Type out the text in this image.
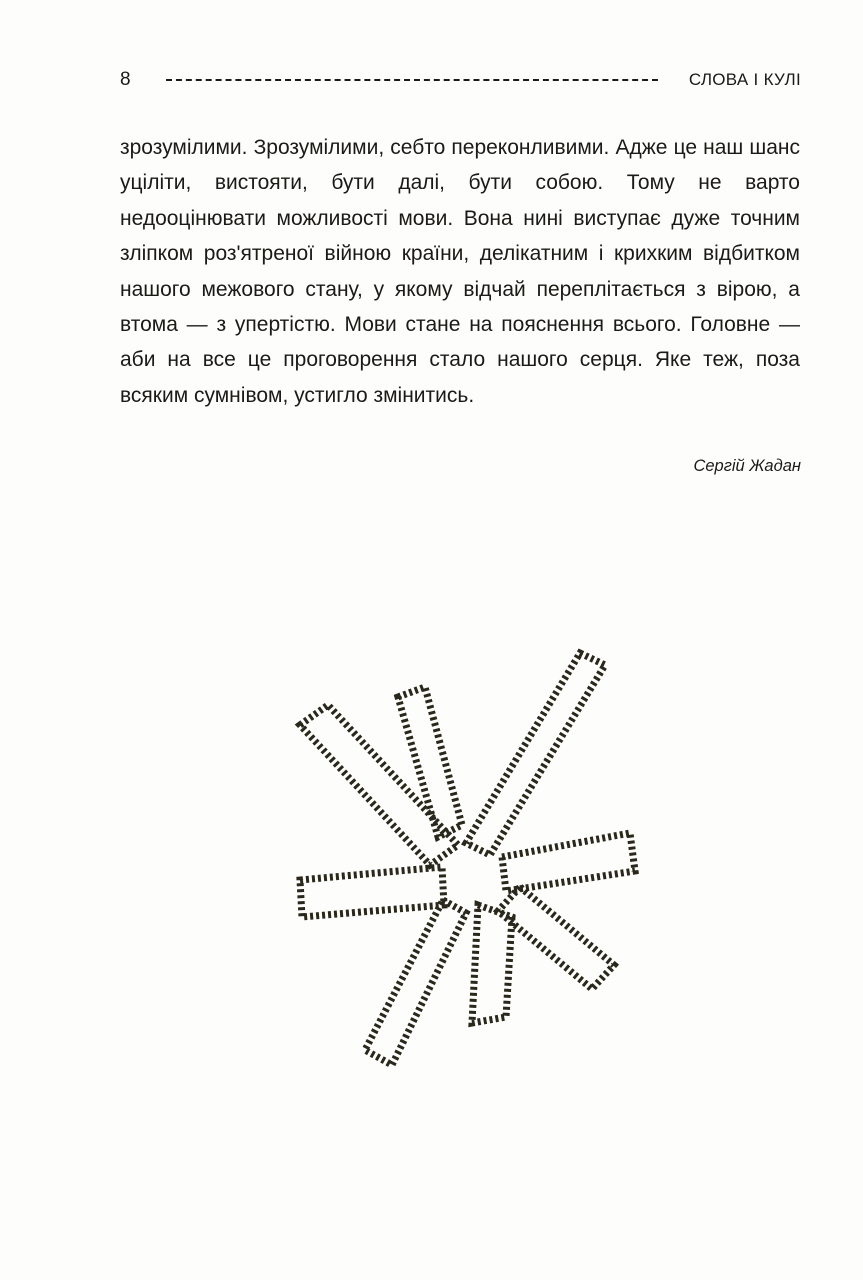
8	СЛОВА І КУЛІ

зрозумілими. Зрозумілими, себто переконливими. Адже це наш шанс уціліти, вистояти, бути далі, бути собою. Тому не варто недооцінювати можливості мови. Вона нині виступає дуже точним зліпком роз'ятреної війною країни, делікатним і крихким відбитком нашого межового стану, у якому відчай переплітається з вірою, а втома — з упертістю. Мови стане на пояснення всього. Головне — аби на все це проговорення стало нашого серця. Яке теж, поза всяким сумнівом, устигло змінитись.

Сергій Жадан
